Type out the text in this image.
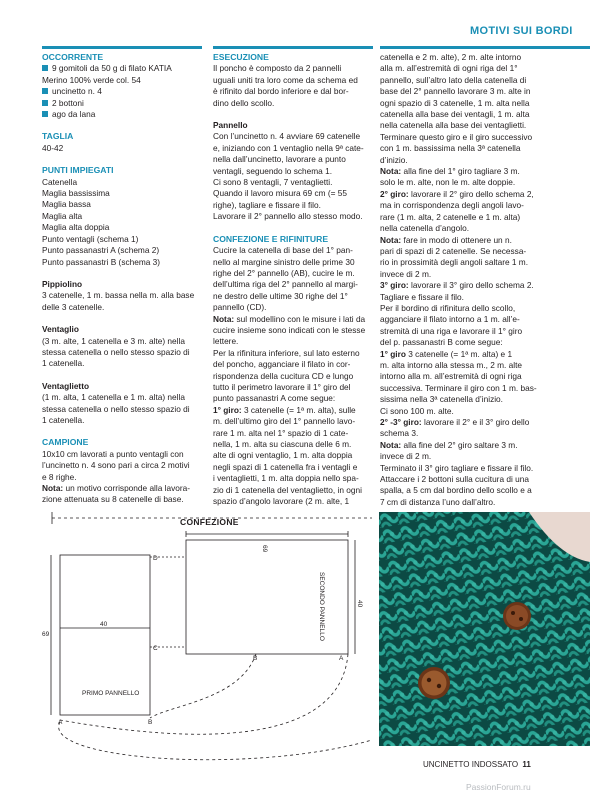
MOTIVI SUI BORDI

OCCORRENTE

9 gomitoli da 50 g di filato KATIA

Merino 100% verde col. 54

uncinetto n. 4

2 bottoni

ago da lana

TAGLIA

40-42

PUNTI IMPIEGATI

Catenella

Maglia bassissima

Maglia bassa

Maglia alta

Maglia alta doppia

Punto ventagli (schema 1)

Punto passanastri A (schema 2)

Punto passanastri B (schema 3)

Pippiolino

3 catenelle, 1 m. bassa nella m. alla base

delle 3 catenelle.

Ventaglio

(3 m. alte, 1 catenella e 3 m. alte) nella

stessa catenella o nello stesso spazio di

1 catenella.

Ventaglietto

(1 m. alta, 1 catenella e 1 m. alta) nella

stessa catenella o nello stesso spazio di

1 catenella.

CAMPIONE

10x10 cm lavorati a punto ventagli con

l’uncinetto n. 4 sono pari a circa 2 motivi

e 8 righe.

Nota: un motivo corrisponde alla lavora-

zione attenuata su 8 catenelle di base.

ESECUZIONE

Il poncho è composto da 2 pannelli

uguali uniti tra loro come da schema ed

è rifinito dal bordo inferiore e dal bor-

dino dello scollo.

Pannello

Con l’uncinetto n. 4 avviare 69 catenelle

e, iniziando con 1 ventaglio nella 9ª cate-

nella dall’uncinetto, lavorare a punto

ventagli, seguendo lo schema 1.

Ci sono 8 ventagli, 7 ventaglietti.

Quando il lavoro misura 69 cm (= 55

righe), tagliare e fissare il filo.

Lavorare il 2° pannello allo stesso modo.

CONFEZIONE E RIFINITURE

Cucire la catenella di base del 1° pan-

nello al margine sinistro delle prime 30

righe del 2° pannello (AB), cucire le m.

dell’ultima riga del 2° pannello al margi-

ne destro delle ultime 30 righe del 1°

pannello (CD).

Nota: sul modellino con le misure i lati da

cucire insieme sono indicati con le stesse

lettere.

Per la rifinitura inferiore, sul lato esterno

del poncho, agganciare il filato in cor-

rispondenza della cucitura CD e lungo

tutto il perimetro lavorare il 1° giro del

punto passanastri A come segue:

1° giro: 3 catenelle (= 1ª m. alta), sulle

m. dell’ultimo giro del 1° pannello lavo-

rare 1 m. alta nel 1° spazio di 1 cate-

nella, 1 m. alta su ciascuna delle 6 m.

alte di ogni ventaglio, 1 m. alta doppia

negli spazi di 1 catenella fra i ventagli e

i ventaglietti, 1 m. alta doppia nello spa-

zio di 1 catenella del ventaglietto, in ogni

spazio d’angolo lavorare (2 m. alte, 1

catenella e 2 m. alte), 2 m. alte intorno

alla m. all’estremità di ogni riga del 1°

pannello, sull’altro lato della catenella di

base del 2° pannello lavorare 3 m. alte in

ogni spazio di 3 catenelle, 1 m. alta nella

catenella alla base dei ventagli, 1 m. alta

nella catenella alla base dei ventaglietti.

Terminare questo giro e il giro successivo

con 1 m. bassissima nella 3ª catenella

d’inizio.

Nota: alla fine del 1° giro tagliare 3 m.

solo le m. alte, non le m. alte doppie.

2° giro: lavorare il 2° giro dello schema 2,

ma in corrispondenza degli angoli lavo-

rare (1 m. alta, 2 catenelle e 1 m. alta)

nella catenella d’angolo.

Nota: fare in modo di ottenere un n.

pari di spazi di 2 catenelle. Se necessa-

rio in prossimità degli angoli saltare 1 m.

invece di 2 m.

3° giro: lavorare il 3° giro dello schema 2.

Tagliare e fissare il filo.

Per il bordino di rifinitura dello scollo,

agganciare il filato intorno a 1 m. all’e-

stremità di una riga e lavorare il 1° giro

del p. passanastri B come segue:

1° giro 3 catenelle (= 1ª m. alta) e 1

m. alta intorno alla stessa m., 2 m. alte

intorno alla m. all’estremità di ogni riga

successiva. Terminare il giro con 1 m. bas-

sissima nella 3ª catenella d’inizio.

Ci sono 100 m. alte.

2° -3° giro: lavorare il 2° e il 3° giro dello

schema 3.

Nota: alla fine del 2° giro saltare 3 m.

invece di 2 m.

Terminato il 3° giro tagliare e fissare il filo.

Attaccare i 2 bottoni sulla cucitura di una

spalla, a 5 cm dal bordino dello scollo e a

7 cm di distanza l’uno dall’altro.

CONFEZIONE
69
40
69
40
PRIMO PANNELLO
SECONDO PANNELLO
D
C
A	B
A
B
UNCINETTO INDOSSATO 11
PassionForum.ru
